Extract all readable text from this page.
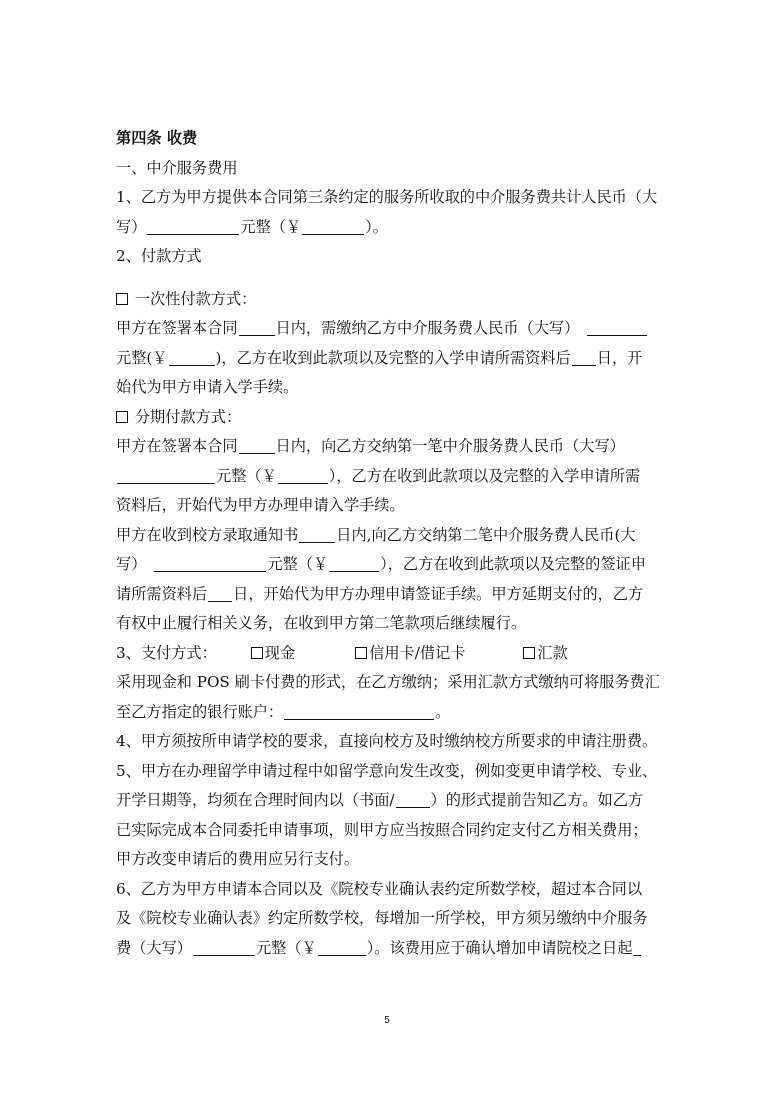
第四条 收费
一、中介服务费用
1、乙方为甲方提供本合同第三条约定的服务所收取的中介服务费共计人民币（大
写）	元整（￥	）。
2、付款方式
一次性付款方式：
甲方在签署本合同	日内，需缴纳乙方中介服务费人民币（大写）
元整(￥	)，乙方在收到此款项以及完整的入学申请所需资料后 日，开
始代为甲方申请入学手续。
分期付款方式：
甲方在签署本合同	日内，向乙方交纳第一笔中介服务费人民币（大写）
元整（￥	），乙方在收到此款项以及完整的入学申请所需
资料后，开始代为甲方办理申请入学手续。
甲方在收到校方录取通知书	日内,向乙方交纳第二笔中介服务费人民币(大
写）	元整（￥	），乙方在收到此款项以及完整的签证申
请所需资料后 日，开始代为甲方办理申请签证手续。甲方延期支付的，乙方
有权中止履行相关义务，在收到甲方第二笔款项后继续履行。
3、支付方式：	现金	信用卡/借记卡	汇款
采用现金和 POS 刷卡付费的形式，在乙方缴纳；采用汇款方式缴纳可将服务费汇
至乙方指定的银行账户：	。
4、甲方须按所申请学校的要求，直接向校方及时缴纳校方所要求的申请注册费。
5、甲方在办理留学申请过程中如留学意向发生改变，例如变更申请学校、专业、
开学日期等，均须在合理时间内以（书面/ ）的形式提前告知乙方。如乙方
已实际完成本合同委托申请事项，则甲方应当按照合同约定支付乙方相关费用；
甲方改变申请后的费用应另行支付。
6、乙方为甲方申请本合同以及《院校专业确认表约定所数学校，超过本合同以
及《院校专业确认表》约定所数学校，每增加一所学校，甲方须另缴纳中介服务
费（大写）	元整（￥	）。该费用应于确认增加申请院校之日起
5
